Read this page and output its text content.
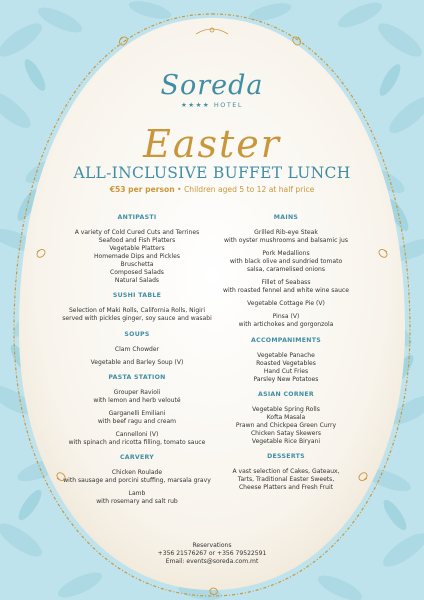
Soreda
★★★★ HOTEL
Easter
ALL-INCLUSIVE BUFFET LUNCH
€53 per person • Children aged 5 to 12 at half price
ANTIPASTI
A variety of Cold Cured Cuts and Terrines
Seafood and Fish Platters
Vegetable Platters
Homemade Dips and Pickles
Bruschetta
Composed Salads
Natural Salads
SUSHI TABLE
Selection of Maki Rolls, California Rolls, Nigiri
served with pickles ginger, soy sauce and wasabi
SOUPS
Clam Chowder
Vegetable and Barley Soup (V)
PASTA STATION
Grouper Ravioli
with lemon and herb velouté
Garganelli Emiliani
with beef ragu and cream
Cannelloni (V)
with spinach and ricotta filling, tomato sauce
CARVERY
Chicken Roulade
with sausage and porcini stuffing, marsala gravy
Lamb
with rosemary and salt rub
MAINS
Grilled Rib-eye Steak
with oyster mushrooms and balsamic jus
Pork Medallions
with black olive and sundried tomato
salsa, caramelised onions
Fillet of Seabass
with roasted fennel and white wine sauce
Vegetable Cottage Pie (V)
Pinsa (V)
with artichokes and gorgonzola
ACCOMPANIMENTS
Vegetable Panache
Roasted Vegetables
Hand Cut Fries
Parsley New Potatoes
ASIAN CORNER
Vegetable Spring Rolls
Kofta Masala
Prawn and Chickpea Green Curry
Chicken Satay Skewers
Vegetable Rice Biryani
DESSERTS
A vast selection of Cakes, Gateaux,
Tarts, Traditional Easter Sweets,
Cheese Platters and Fresh Fruit
Reservations
+356 21576267 or +356 79522591
Email: events@soreda.com.mt
